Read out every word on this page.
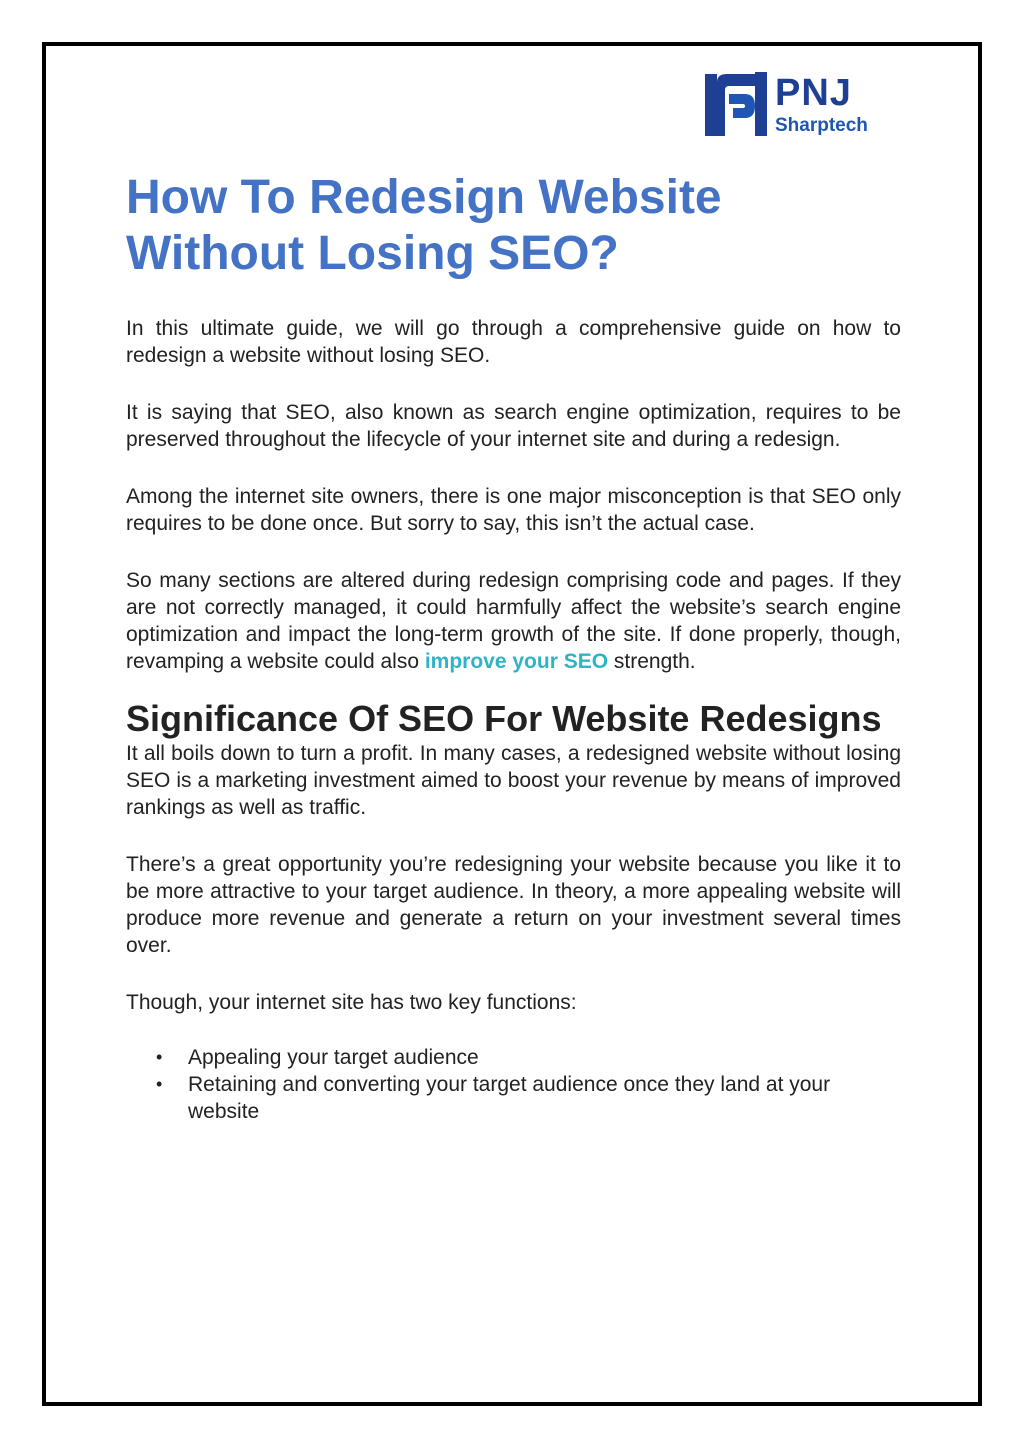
PNJ
Sharptech
How To Redesign Website Without Losing SEO?

In this ultimate guide, we will go through a comprehensive guide on how to redesign a website without losing SEO.

It is saying that SEO, also known as search engine optimization, requires to be preserved throughout the lifecycle of your internet site and during a redesign.

Among the internet site owners, there is one major misconception is that SEO only requires to be done once. But sorry to say, this isn’t the actual case.

So many sections are altered during redesign comprising code and pages. If they are not correctly managed, it could harmfully affect the website’s search engine optimization and impact the long-term growth of the site. If done properly, though, revamping a website could also improve your SEO strength.

Significance Of SEO For Website Redesigns

It all boils down to turn a profit. In many cases, a redesigned website without losing SEO is a marketing investment aimed to boost your revenue by means of improved rankings as well as traffic.

There’s a great opportunity you’re redesigning your website because you like it to be more attractive to your target audience. In theory, a more appealing website will produce more revenue and generate a return on your investment several times over.

Though, your internet site has two key functions:

• Appealing your target audience
• Retaining and converting your target audience once they land at your website
